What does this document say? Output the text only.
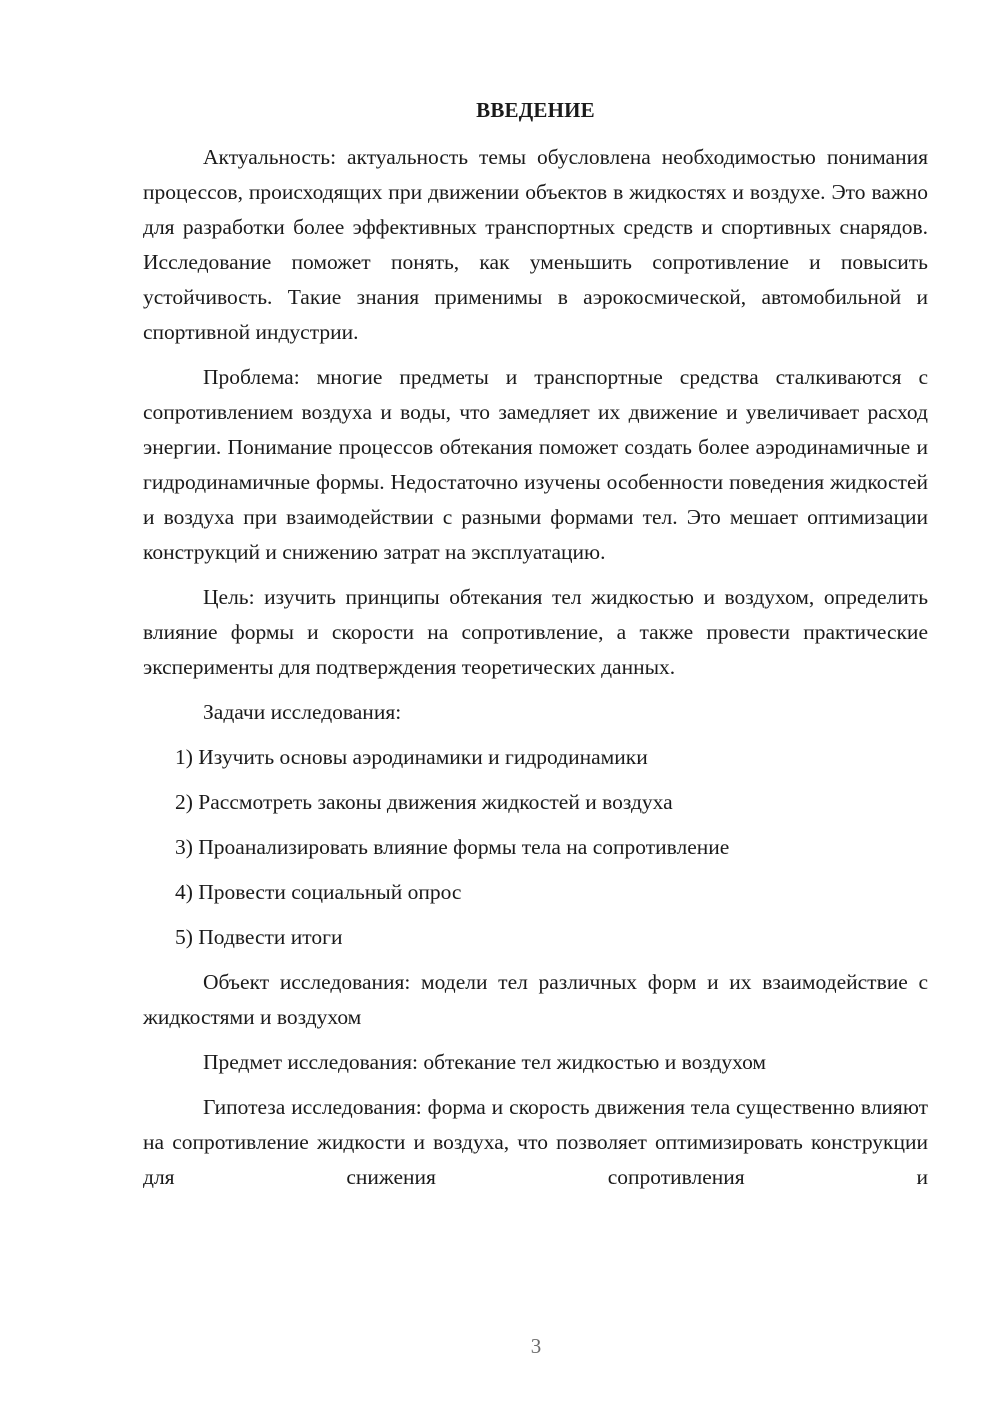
ВВЕДЕНИЕ

Актуальность: актуальность темы обусловлена необходимостью понимания процессов, происходящих при движении объектов в жидкостях и воздухе. Это важно для разработки более эффективных транспортных средств и спортивных снарядов. Исследование поможет понять, как уменьшить сопротивление и повысить устойчивость. Такие знания применимы в аэрокосмической, автомобильной и спортивной индустрии.

Проблема: многие предметы и транспортные средства сталкиваются с сопротивлением воздуха и воды, что замедляет их движение и увеличивает расход энергии. Понимание процессов обтекания поможет создать более аэродинамичные и гидродинамичные формы. Недостаточно изучены особенности поведения жидкостей и воздуха при взаимодействии с разными формами тел. Это мешает оптимизации конструкций и снижению затрат на эксплуатацию.

Цель: изучить принципы обтекания тел жидкостью и воздухом, определить влияние формы и скорости на сопротивление, а также провести практические эксперименты для подтверждения теоретических данных.

Задачи исследования:

1) Изучить основы аэродинамики и гидродинамики
2) Рассмотреть законы движения жидкостей и воздуха
3) Проанализировать влияние формы тела на сопротивление
4) Провести социальный опрос
5) Подвести итоги

Объект исследования: модели тел различных форм и их взаимодействие с жидкостями и воздухом

Предмет исследования: обтекание тел жидкостью и воздухом

Гипотеза исследования: форма и скорость движения тела существенно влияют на сопротивление жидкости и воздуха, что позволяет оптимизировать конструкции для снижения сопротивления и

3
